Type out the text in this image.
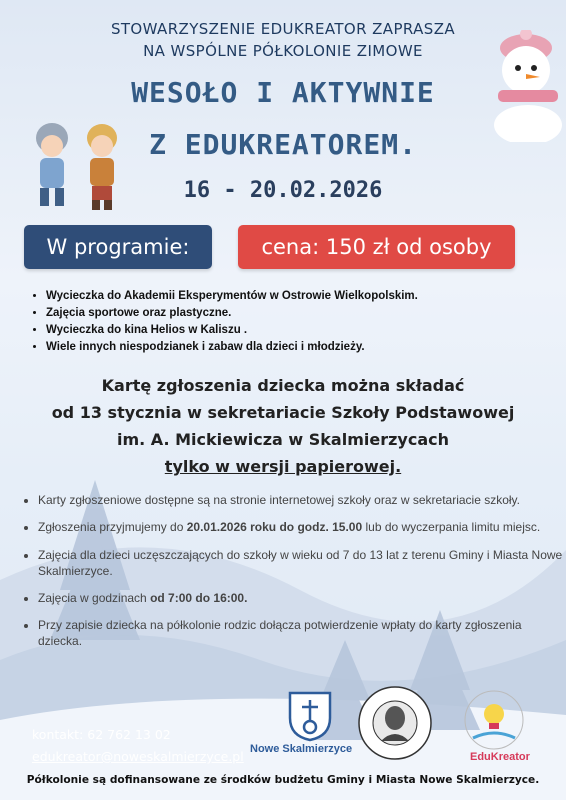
STOWARZYSZENIE EDUKREATOR ZAPRASZA
NA WSPÓLNE PÓŁKOLONIE ZIMOWE
WESOŁO I AKTYWNIE
Z EDUKREATOREM.
16 - 20.02.2026
W programie:	cena: 150 zł od osoby
• Wycieczka do Akademii Eksperymentów w Ostrowie Wielkopolskim.
• Zajęcia sportowe oraz plastyczne.
• Wycieczka do kina Helios w Kaliszu .
• Wiele innych niespodzianek i zabaw dla dzieci i młodzieży.
Kartę zgłoszenia dziecka można składać
od 13 stycznia w sekretariacie Szkoły Podstawowej
im. A. Mickiewicza w Skalmierzycach
tylko w wersji papierowej.
• Karty zgłoszeniowe dostępne są na stronie internetowej szkoły oraz w sekretariacie szkoły.
• Zgłoszenia przyjmujemy do 20.01.2026 roku do godz. 15.00 lub do wyczerpania limitu miejsc.
• Zajęcia dla dzieci uczęszczających do szkoły w wieku od 7 do 13 lat z terenu Gminy i Miasta Nowe Skalmierzyce.
• Zajęcia w godzinach od 7:00 do 16:00.
• Przy zapisie dziecka na półkolonie rodzic dołącza potwierdzenie wpłaty do karty zgłoszenia dziecka.
kontakt: 62 762 13 02
edukreator@noweskalmierzyce.pl Nowe Skalmierzyce
EduKreator
Półkolonie są dofinansowane ze środków budżetu Gminy i Miasta Nowe Skalmierzyce.
